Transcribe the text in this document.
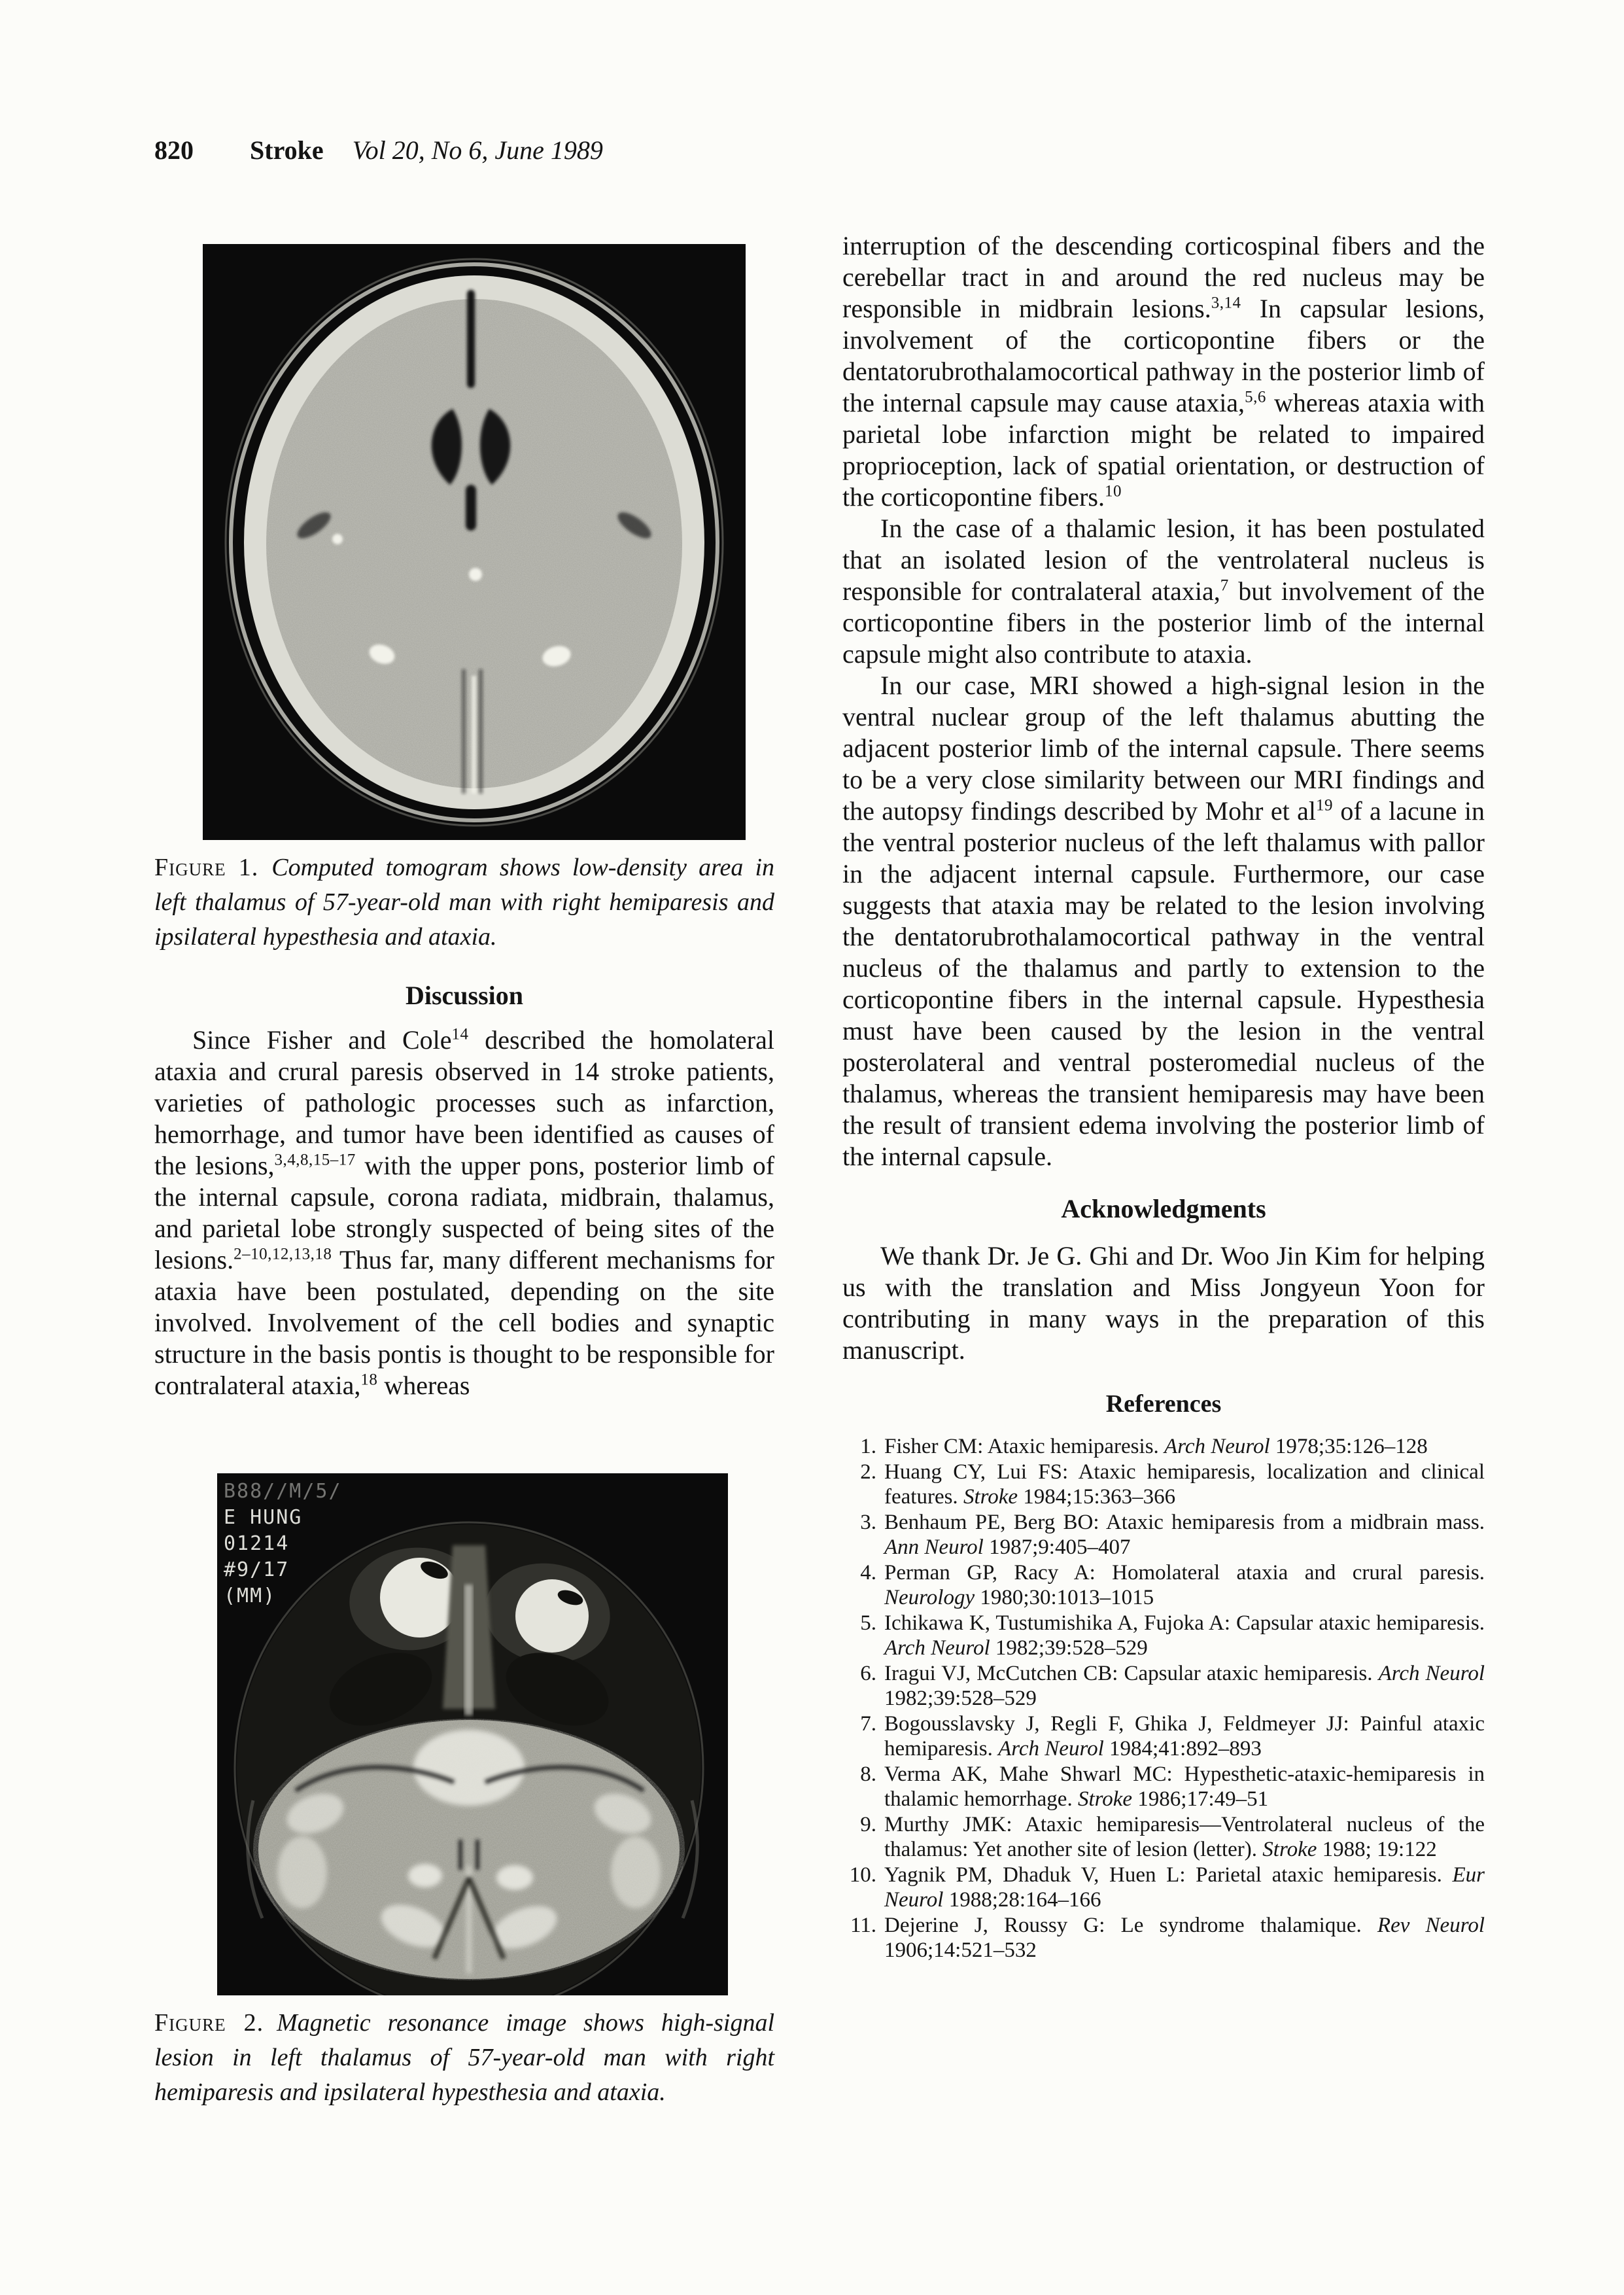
820 Stroke Vol 20, No 6, June 1989
Figure 1. Computed tomogram shows low-density area in left thalamus of 57-year-old man with right hemiparesis and ipsilateral hypesthesia and ataxia.
Discussion

Since Fisher and Cole$^{14}$ described the homolateral ataxia and crural paresis observed in 14 stroke patients, varieties of pathologic processes such as infarction, hemorrhage, and tumor have been identified as causes of the lesions,$^{3,4,8,15-17}$ with the upper pons, posterior limb of the internal capsule, corona radiata, midbrain, thalamus, and parietal lobe strongly suspected of being sites of the lesions.$^{2-10,12,13,18}$ Thus far, many different mechanisms for ataxia have been postulated, depending on the site involved. Involvement of the cell bodies and synaptic structure in the basis pontis is thought to be responsible for contralateral ataxia,$^{18}$ whereas

B88//M/5/
E HUNG
01214
#9/17
(MM)
Figure 2. Magnetic resonance image shows high-signal lesion in left thalamus of 57-year-old man with right hemiparesis and ipsilateral hypesthesia and ataxia.

interruption of the descending corticospinal fibers and the cerebellar tract in and around the red nucleus may be responsible in midbrain lesions.$^{3,14}$ In capsular lesions, involvement of the corticopontine fibers or the dentatorubrothalamocortical pathway in the posterior limb of the internal capsule may cause ataxia,$^{5,6}$ whereas ataxia with parietal lobe infarction might be related to impaired proprioception, lack of spatial orientation, or destruction of the corticopontine fibers.$^{10}$

In the case of a thalamic lesion, it has been postulated that an isolated lesion of the ventrolateral nucleus is responsible for contralateral ataxia,$^7$ but involvement of the corticopontine fibers in the posterior limb of the internal capsule might also contribute to ataxia.

In our case, MRI showed a high-signal lesion in the ventral nuclear group of the left thalamus abutting the adjacent posterior limb of the internal capsule. There seems to be a very close similarity between our MRI findings and the autopsy findings described by Mohr et $al^{19}$ of a lacune in the ventral posterior nucleus of the left thalamus with pallor in the adjacent internal capsule. Furthermore, our case suggests that ataxia may be related to the lesion involving the dentatorubrothalamocortical pathway in the ventral nucleus of the thalamus and partly to extension to the corticopontine fibers in the internal capsule. Hypesthesia must have been caused by the lesion in the ventral posterolateral and ventral posteromedial nucleus of the thalamus, whereas the transient hemiparesis may have been the result of transient edema involving the posterior limb of the internal capsule.

Acknowledgments

We thank Dr. Je G. Ghi and Dr. Woo Jin Kim for helping us with the translation and Miss Jongyeun Yoon for contributing in many ways in the preparation of this manuscript.

References
1. Fisher CM: Ataxic hemiparesis. Arch Neurol 1978;35:126–128
2. Huang CY, Lui FS: Ataxic hemiparesis, localization and clinical features. Stroke 1984;15:363–366
3. Benhaum PE, Berg BO: Ataxic hemiparesis from a midbrain mass. Ann Neurol 1987;9:405–407
4. Perman GP, Racy A: Homolateral ataxia and crural paresis. Neurology 1980;30:1013–1015
5. Ichikawa K, Tustumishika A, Fujoka A: Capsular ataxic hemiparesis. Arch Neurol 1982;39:528–529
6. Iragui VJ, McCutchen CB: Capsular ataxic hemiparesis. Arch Neurol 1982;39:528–529
7. Bogousslavsky J, Regli F, Ghika J, Feldmeyer JJ: Painful ataxic hemiparesis. Arch Neurol 1984;41:892–893
8. Verma AK, Mahe Shwarl MC: Hypesthetic-ataxic-hemiparesis in thalamic hemorrhage. Stroke 1986;17:49–51
9. Murthy JMK: Ataxic hemiparesis—Ventrolateral nucleus of the thalamus: Yet another site of lesion (letter). Stroke 1988; 19:122
10. Yagnik PM, Dhaduk V, Huen L: Parietal ataxic hemiparesis. Eur Neurol 1988;28:164–166
11. Dejerine J, Roussy G: Le syndrome thalamique. Rev Neurol 1906;14:521–532
